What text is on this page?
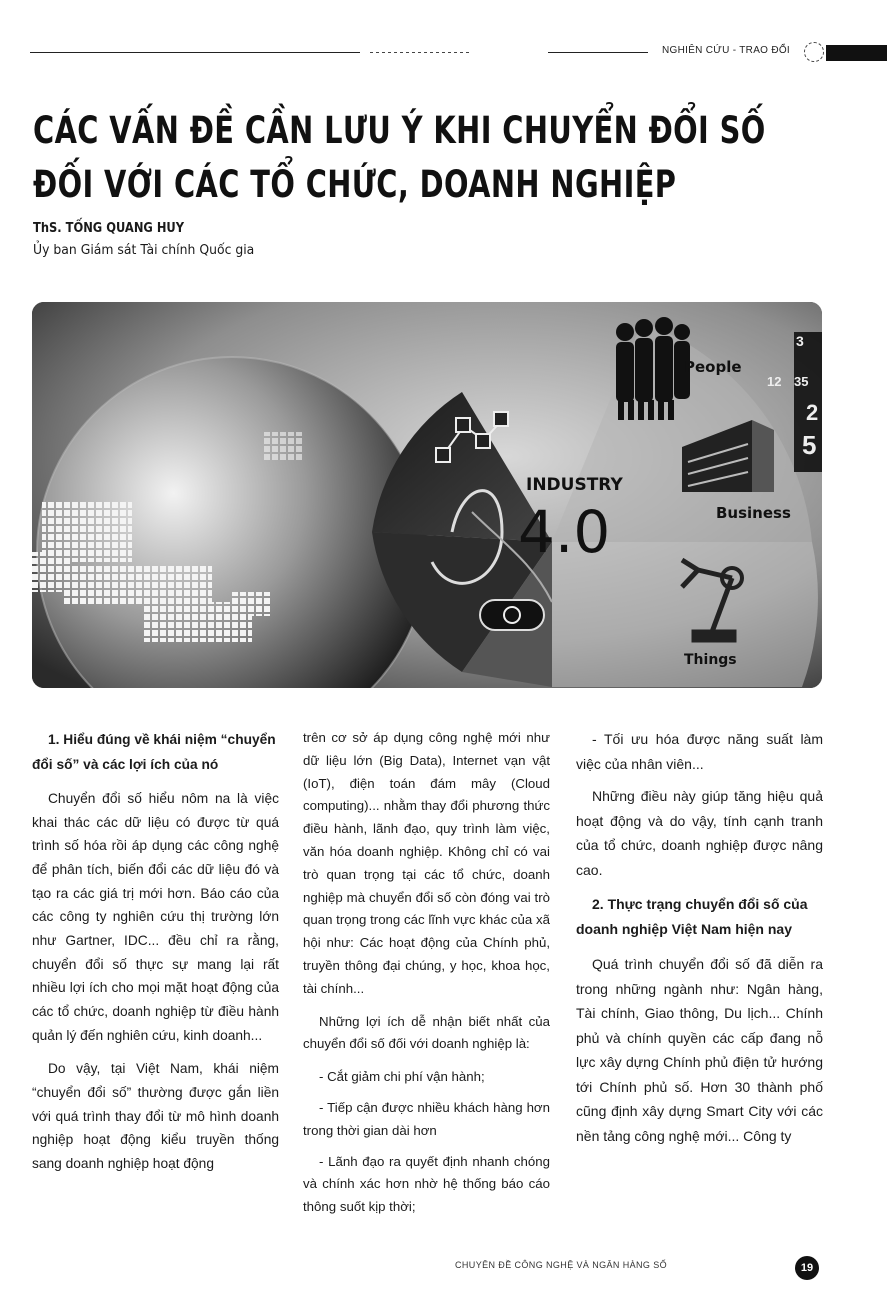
NGHIÊN CỨU - TRAO ĐỔI
CÁC VẤN ĐỀ CẦN LƯU Ý KHI CHUYỂN ĐỔI SỐ
ĐỐI VỚI CÁC TỔ CHỨC, DOANH NGHIỆP
ThS. TỐNG QUANG HUY
Ủy ban Giám sát Tài chính Quốc gia
3
12 35
2
5
People
Business
Things
INDUSTRY
4.0
1. Hiểu đúng về khái niệm “chuyển đổi số” và các lợi ích của nó

Chuyển đổi số hiểu nôm na là việc khai thác các dữ liệu có được từ quá trình số hóa rồi áp dụng các công nghệ để phân tích, biến đổi các dữ liệu đó và tạo ra các giá trị mới hơn. Báo cáo của các công ty nghiên cứu thị trường lớn như Gartner, IDC... đều chỉ ra rằng, chuyển đổi số thực sự mang lại rất nhiều lợi ích cho mọi mặt hoạt động của các tổ chức, doanh nghiệp từ điều hành quản lý đến nghiên cứu, kinh doanh...

Do vậy, tại Việt Nam, khái niệm “chuyển đổi số” thường được gắn liền với quá trình thay đổi từ mô hình doanh nghiệp hoạt động kiểu truyền thống sang doanh nghiệp hoạt động

trên cơ sở áp dụng công nghệ mới như dữ liệu lớn (Big Data), Internet vạn vật (IoT), điện toán đám mây (Cloud computing)... nhằm thay đổi phương thức điều hành, lãnh đạo, quy trình làm việc, văn hóa doanh nghiệp. Không chỉ có vai trò quan trọng tại các tổ chức, doanh nghiệp mà chuyển đổi số còn đóng vai trò quan trọng trong các lĩnh vực khác của xã hội như: Các hoạt động của Chính phủ, truyền thông đại chúng, y học, khoa học, tài chính...

Những lợi ích dễ nhận biết nhất của chuyển đổi số đối với doanh nghiệp là:

- Cắt giảm chi phí vận hành;

- Tiếp cận được nhiều khách hàng hơn trong thời gian dài hơn

- Lãnh đạo ra quyết định nhanh chóng và chính xác hơn nhờ hệ thống báo cáo thông suốt kịp thời;

- Tối ưu hóa được năng suất làm việc của nhân viên...

Những điều này giúp tăng hiệu quả hoạt động và do vậy, tính cạnh tranh của tổ chức, doanh nghiệp được nâng cao.

2. Thực trạng chuyển đổi số của doanh nghiệp Việt Nam hiện nay

Quá trình chuyển đổi số đã diễn ra trong những ngành như: Ngân hàng, Tài chính, Giao thông, Du lịch... Chính phủ và chính quyền các cấp đang nỗ lực xây dựng Chính phủ điện tử hướng tới Chính phủ số. Hơn 30 thành phố cũng định xây dựng Smart City với các nền tảng công nghệ mới... Công ty

CHUYÊN ĐỀ CÔNG NGHỆ VÀ NGÂN HÀNG SỐ	19
